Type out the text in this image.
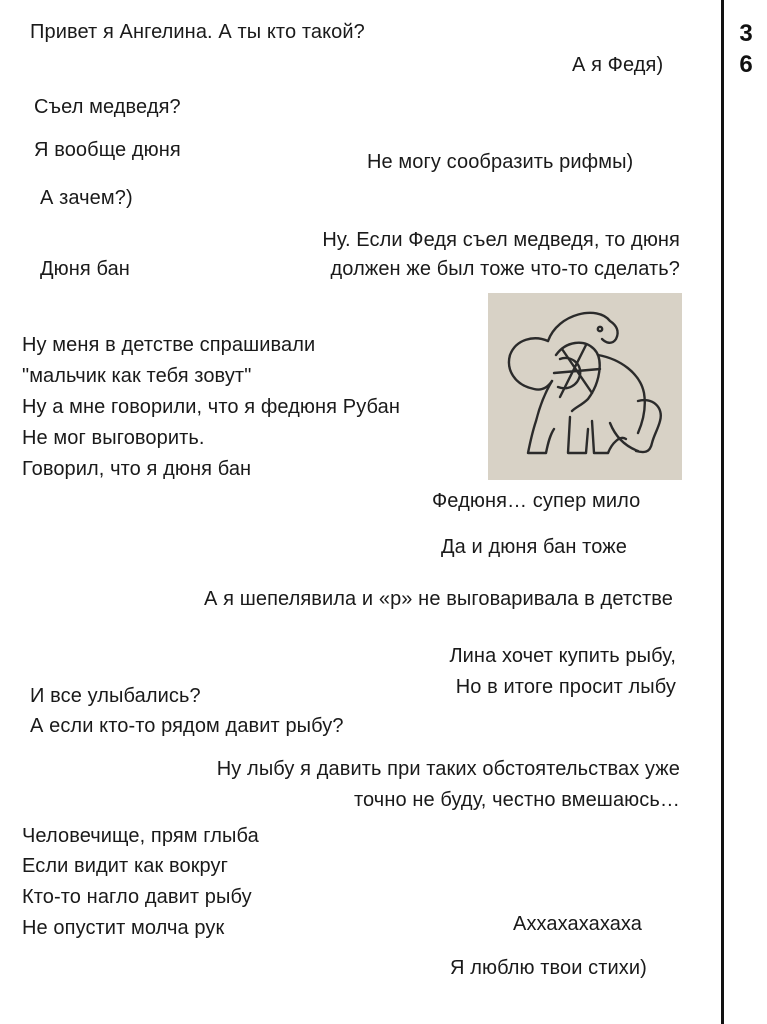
3
6
Привет я Ангелина. А ты кто такой?
А я Федя)
Съел медведя?
Я вообще дюня
Не могу сообразить рифмы)
А зачем?)
Ну. Если Федя съел медведя, то дюня
должен же был тоже что-то сделать?
Дюня бан
Ну меня в детстве спрашивали
"мальчик как тебя зовут"
Ну а мне говорили, что я федюня Рубан
Не мог выговорить.
Говорил, что я дюня бан
Федюня… супер мило
Да и дюня бан тоже
А я шепелявила и «р» не выговаривала в детстве
Лина хочет купить рыбу,
Но в итоге просит лыбу
И все улыбались?
А если кто-то рядом давит рыбу?
Ну лыбу я давить при таких обстоятельствах уже
точно не буду, честно вмешаюсь…
Человечище, прям глыба
Если видит как вокруг
Кто-то нагло давит рыбу
Не опустит молча рук	Аххахахахаха
Я люблю твои стихи)
